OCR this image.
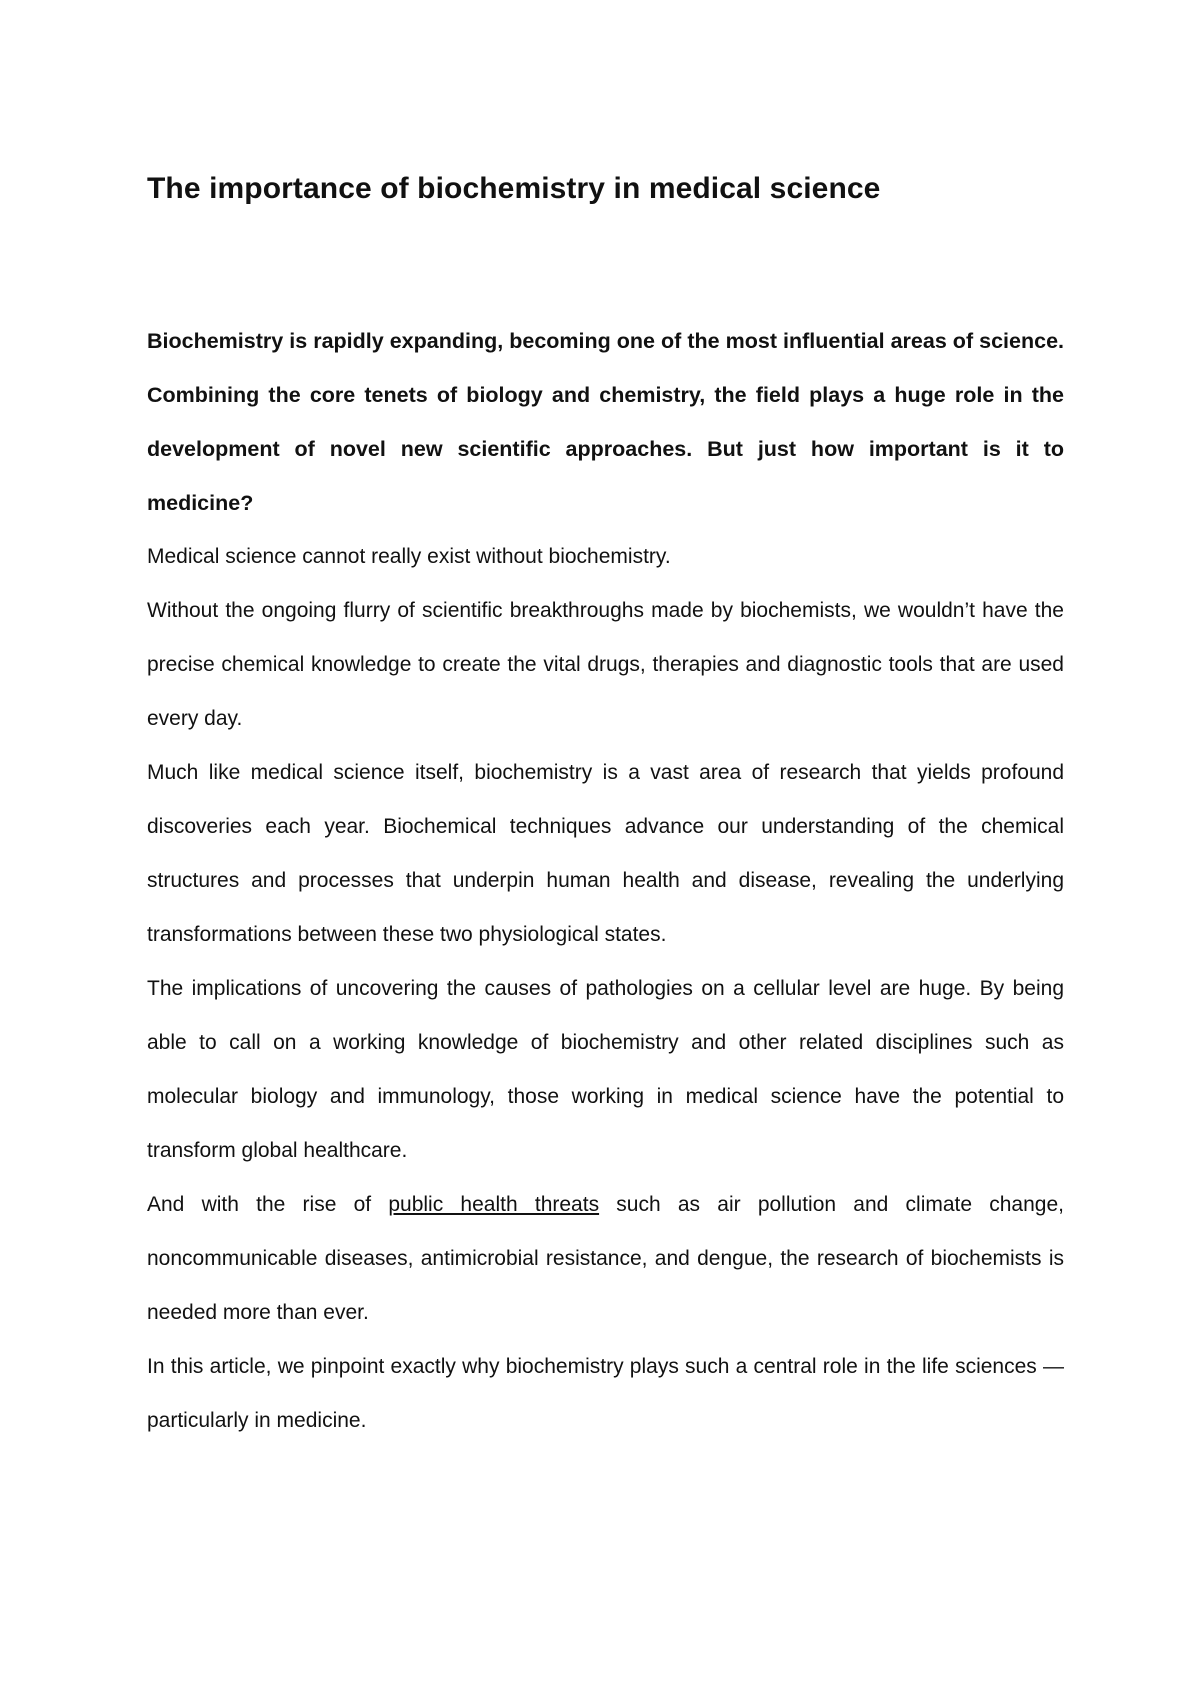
The importance of biochemistry in medical science

Biochemistry is rapidly expanding, becoming one of the most influential areas of science. Combining the core tenets of biology and chemistry, the field plays a huge role in the development of novel new scientific approaches. But just how important is it to medicine?

Medical science cannot really exist without biochemistry.

Without the ongoing flurry of scientific breakthroughs made by biochemists, we wouldn’t have the precise chemical knowledge to create the vital drugs, therapies and diagnostic tools that are used every day.

Much like medical science itself, biochemistry is a vast area of research that yields profound discoveries each year. Biochemical techniques advance our understanding of the chemical structures and processes that underpin human health and disease, revealing the underlying transformations between these two physiological states.

The implications of uncovering the causes of pathologies on a cellular level are huge. By being able to call on a working knowledge of biochemistry and other related disciplines such as molecular biology and immunology, those working in medical science have the potential to transform global healthcare.

And with the rise of public health threats such as air pollution and climate change, noncommunicable diseases, antimicrobial resistance, and dengue, the research of biochemists is needed more than ever.

In this article, we pinpoint exactly why biochemistry plays such a central role in the life sciences — particularly in medicine.
